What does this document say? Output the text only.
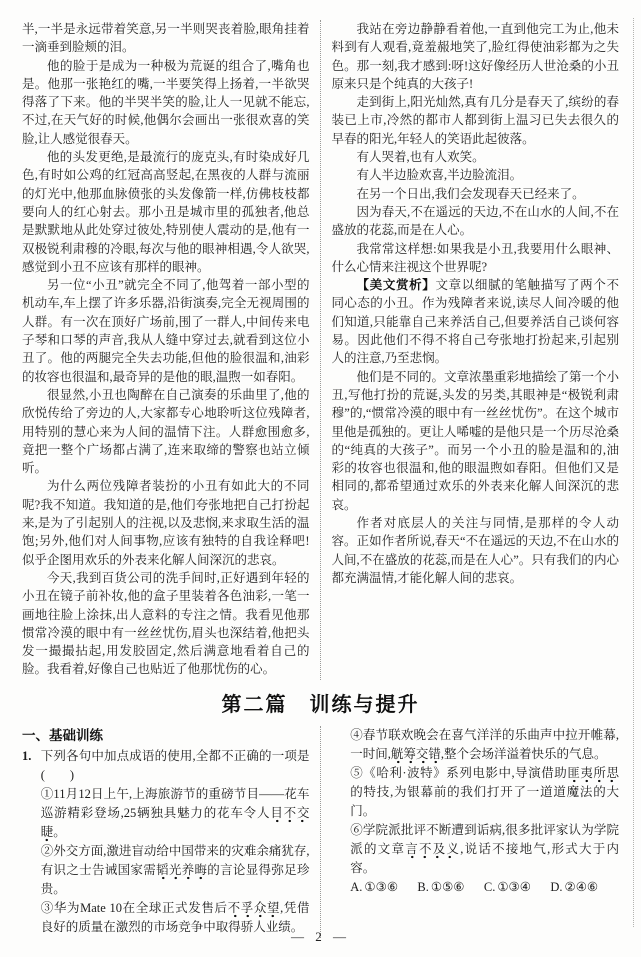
半,一半是永远带着笑意,另一半则哭丧着脸,眼角挂着一滴垂到脸颊的泪。

他的脸于是成为一种极为荒诞的组合了,嘴角也是。他那一张艳红的嘴,一半要笑得上扬着,一半欲哭得落了下来。他的半哭半笑的脸,让人一见就不能忘,不过,在天气好的时候,他偶尔会画出一张很欢喜的笑脸,让人感觉很春天。

他的头发更绝,是最流行的庞克头,有时染成好几色,有时如公鸡的红冠高高竖起,在黑夜的人群与流丽的灯光中,他那血脉偾张的头发像箭一样,仿佛枝枝都要向人的红心射去。那小丑是城市里的孤独者,他总是默默地从此处穿过彼处,特别使人震动的是,他有一双极锐利肃穆的冷眼,每次与他的眼神相遇,令人欲哭,感觉到小丑不应该有那样的眼神。

另一位“小丑”就完全不同了,他驾着一部小型的机动车,车上摆了许多乐器,沿街演奏,完全无视周围的人群。有一次在顶好广场前,围了一群人,中间传来电子琴和口琴的声音,我从人缝中穿过去,就看到这位小丑了。他的两腿完全失去功能,但他的脸很温和,油彩的妆容也很温和,最奇异的是他的眼,温煦一如春阳。

很显然,小丑也陶醉在自己演奏的乐曲里了,他的欣悦传给了旁边的人,大家都专心地聆听这位残障者,用特别的慧心来为人间的温情下注。人群愈围愈多,竟把一整个广场都占满了,连来取缔的警察也站立倾听。

为什么两位残障者装扮的小丑有如此大的不同呢?我不知道。我知道的是,他们夸张地把自己打扮起来,是为了引起别人的注视,以及悲悯,来求取生活的温饱;另外,他们对人间事物,应该有独特的自我诠释吧!似乎企图用欢乐的外表来化解人间深沉的悲哀。

今天,我到百货公司的洗手间时,正好遇到年轻的小丑在镜子前补妆,他的盒子里装着各色油彩,一笔一画地往脸上涂抹,出人意料的专注之情。我看见他那惯常冷漠的眼中有一丝丝忧伤,眉头也深结着,他把头发一撮撮拈起,用发胶固定,然后满意地看着自己的脸。我看着,好像自己也贴近了他那忧伤的心。

我站在旁边静静看着他,一直到他完工为止,他未料到有人观看,竟羞赧地笑了,脸红得使油彩都为之失色。那一刻,我才感到:呀!这好像经历人世沧桑的小丑原来只是个纯真的大孩子!

走到街上,阳光灿然,真有几分是春天了,缤纷的春装已上市,冷然的都市人都到街上温习已失去很久的早春的阳光,年轻人的笑语此起彼落。

有人哭着,也有人欢笑。

有人半边脸欢喜,半边脸流泪。

在另一个日出,我们会发现春天已经来了。

因为春天,不在遥远的天边,不在山水的人间,不在盛放的花蕊,而是在人心。

我常常这样想:如果我是小丑,我要用什么眼神、什么心情来注视这个世界呢?

【美文赏析】文章以细腻的笔触描写了两个不同心态的小丑。作为残障者来说,读尽人间冷暖的他们知道,只能靠自己来养活自己,但要养活自己谈何容易。因此他们不得不将自己夸张地打扮起来,引起别人的注意,乃至悲悯。

他们是不同的。文章浓墨重彩地描绘了第一个小丑,写他打扮的荒诞,头发的另类,其眼神是“极锐利肃穆”的,“惯常冷漠的眼中有一丝丝忧伤”。在这个城市里他是孤独的。更让人唏嘘的是他只是一个历尽沧桑的“纯真的大孩子”。而另一个小丑的脸是温和的,油彩的妆容也很温和,他的眼温煦如春阳。但他们又是相同的,都希望通过欢乐的外表来化解人间深沉的悲哀。

作者对底层人的关注与同情,是那样的令人动容。正如作者所说,春天“不在遥远的天边,不在山水的人间,不在盛放的花蕊,而是在人心”。只有我们的内心都充满温情,才能化解人间的悲哀。

第二篇　训练与提升
一、基础训练
1. 下列各句中加点成语的使用,全都不正确的一项是(　　)
①11月12日上午,上海旅游节的重磅节目——花车巡游精彩登场,25辆独具魅力的花车令人目不交睫。
②外交方面,激进盲动给中国带来的灾难余痛犹存,有识之士告诫国家需韬光养晦的言论显得弥足珍贵。
③华为Mate 10在全球正式发售后不孚众望,凭借良好的质量在激烈的市场竞争中取得骄人业绩。
④春节联欢晚会在喜气洋洋的乐曲声中拉开帷幕,一时间,觥筹交错,整个会场洋溢着快乐的气息。
⑤《哈利·波特》系列电影中,导演借助匪夷所思的特技,为银幕前的我们打开了一道道魔法的大门。
⑥学院派批评不断遭到诟病,很多批评家认为学院派的文章言不及义,说话不接地气,形式大于内容。
A. ①③⑥ B. ①⑤⑥ C. ①③④ D. ②④⑥
— 2 —
